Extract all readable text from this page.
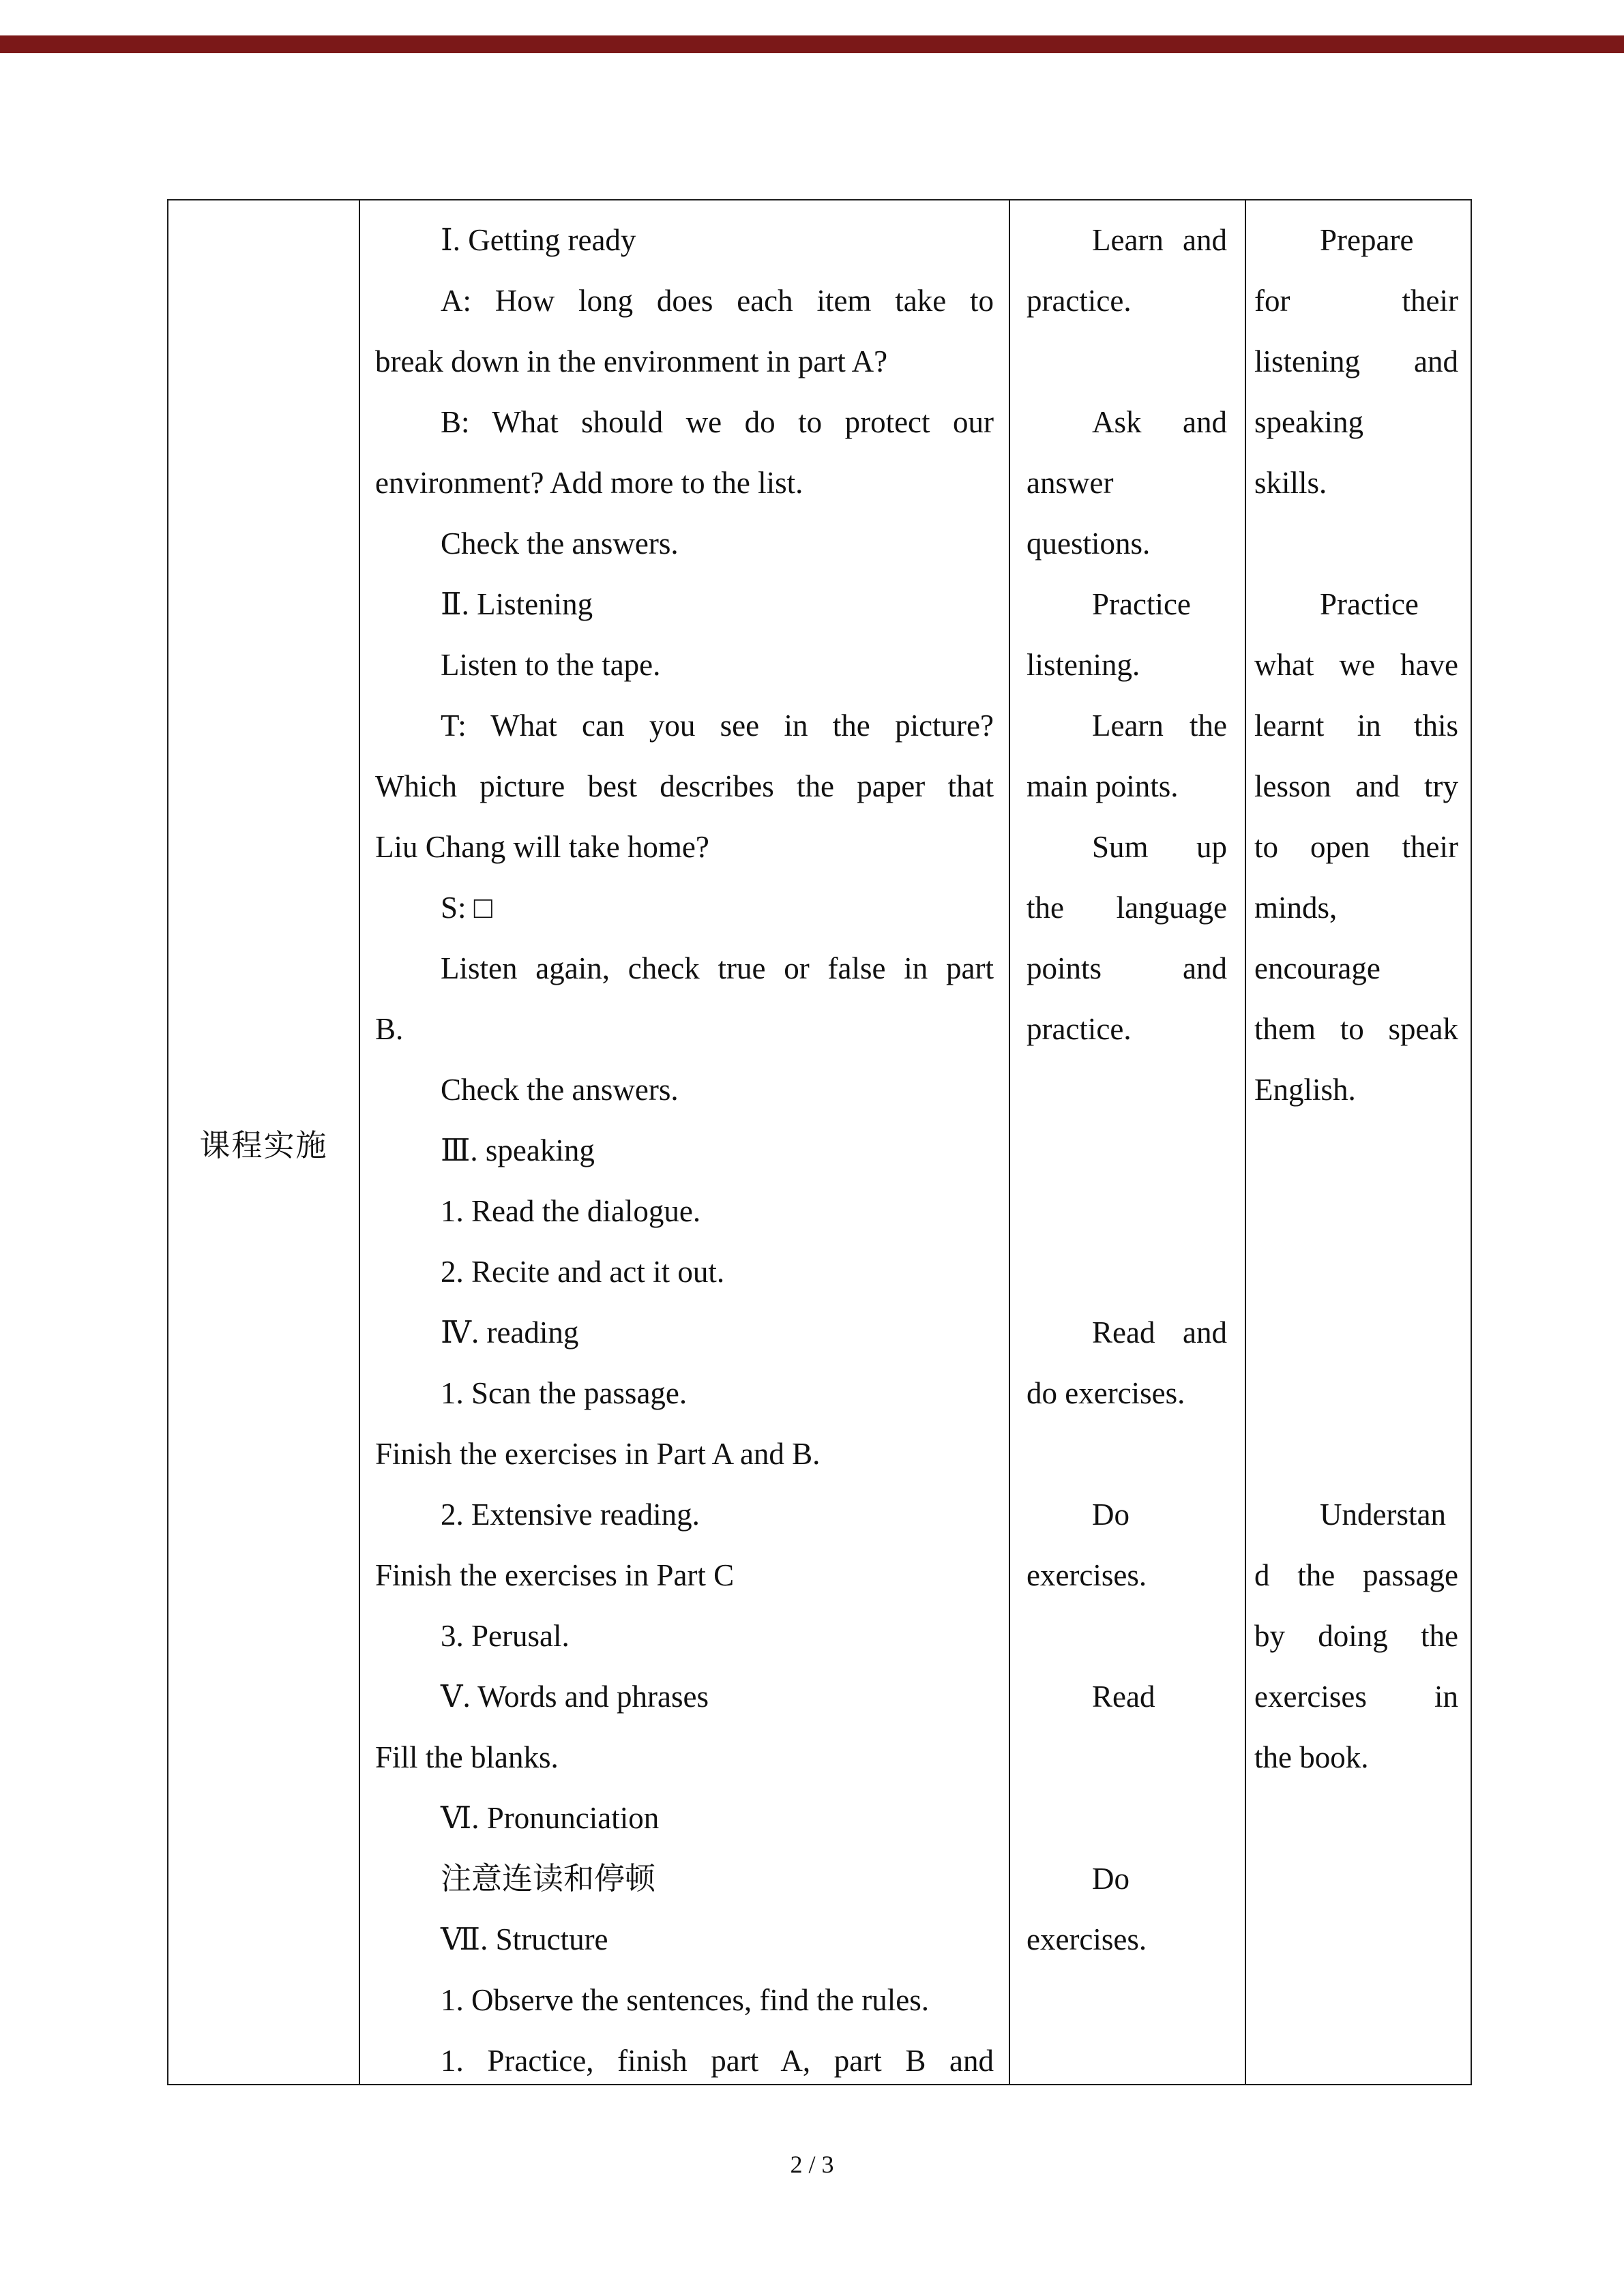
课程实施
Ⅰ. Getting ready
A: How long does each item take to
break down in the environment in part A?
B: What should we do to protect our
environment? Add more to the list.
Check the answers.
Ⅱ. Listening
Listen to the tape.
T: What can you see in the picture?
Which picture best describes the paper that
Liu Chang will take home?
S: □
Listen again, check true or false in part
B.
Check the answers.
Ⅲ. speaking
1. Read the dialogue.
2. Recite and act it out.
Ⅳ. reading
1. Scan the passage.
Finish the exercises in Part A and B.
2. Extensive reading.
Finish the exercises in Part C
3. Perusal.
Ⅴ. Words and phrases
Fill the blanks.
Ⅵ. Pronunciation
注意连读和停顿
Ⅶ. Structure
1. Observe the sentences, find the rules.
1. Practice, finish part A, part B and
Learn and
practice.
Ask and
answer
questions.
Practice
listening.
Learn the
main points.
Sum up
the language
points and
practice.
Read and
do exercises.
Do
exercises.
Read
Do
exercises.
Prepare
for their
listening and
speaking
skills.
Practice
what we have
learnt in this
lesson and try
to open their
minds,
encourage
them to speak
English.
Understan
d the passage
by doing the
exercises in
the book.
2 / 3
